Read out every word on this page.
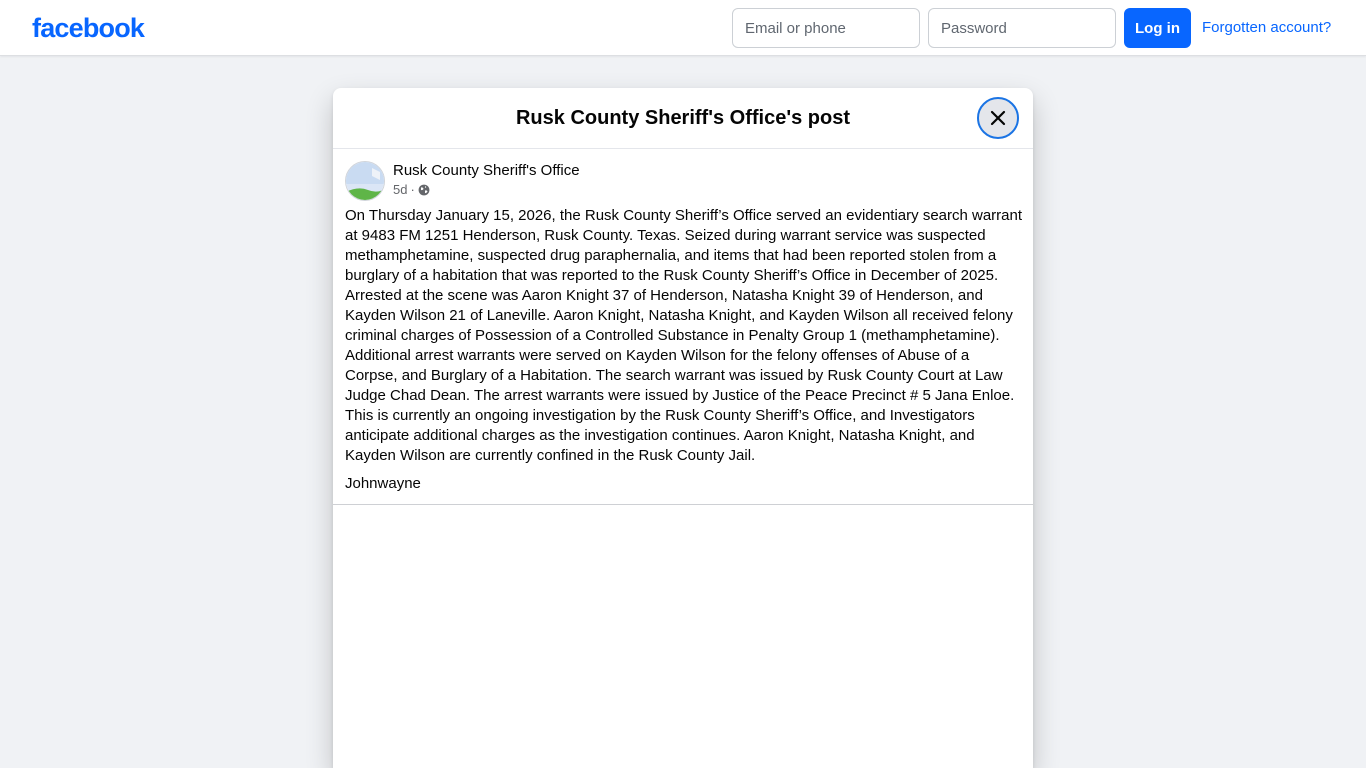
facebook
Email or phone	Log in	Forgotten account?
Rusk County Sheriff's Office's post
Rusk County Sheriff's Office
5d ·
On Thursday January 15, 2026, the Rusk County Sheriff’s Office served an evidentiary search warrant at 9483 FM 1251 Henderson, Rusk County. Texas. Seized during warrant service was suspected methamphetamine, suspected drug paraphernalia, and items that had been reported stolen from a burglary of a habitation that was reported to the Rusk County Sheriff’s Office in December of 2025. Arrested at the scene was Aaron Knight 37 of Henderson, Natasha Knight 39 of Henderson, and Kayden Wilson 21 of Laneville. Aaron Knight, Natasha Knight, and Kayden Wilson all received felony criminal charges of Possession of a Controlled Substance in Penalty Group 1 (methamphetamine). Additional arrest warrants were served on Kayden Wilson for the felony offenses of Abuse of a Corpse, and Burglary of a Habitation. The search warrant was issued by Rusk County Court at Law Judge Chad Dean. The arrest warrants were issued by Justice of the Peace Precinct # 5 Jana Enloe. This is currently an ongoing investigation by the Rusk County Sheriff’s Office, and Investigators anticipate additional charges as the investigation continues. Aaron Knight, Natasha Knight, and Kayden Wilson are currently confined in the Rusk County Jail.
Johnwayne
